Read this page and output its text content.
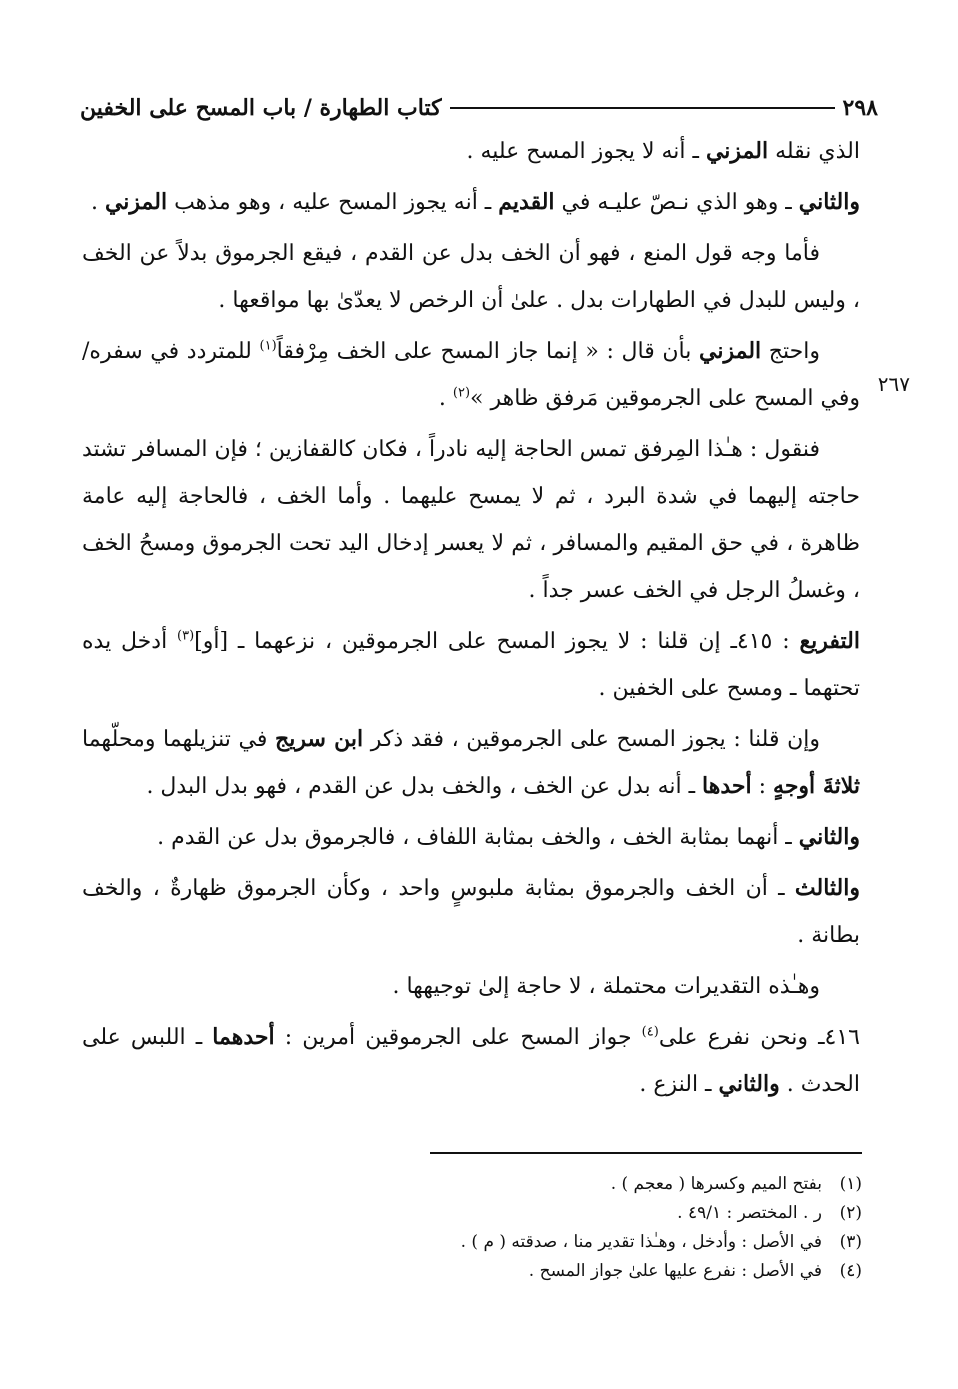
٢٩٨
كتاب الطهارة / باب المسح على الخفين
٢٦٧

الذي نقله المزني ـ أنه لا يجوز المسح عليه .

والثاني ـ وهو الذي نـصّ عليـه في القديم ـ أنه يجوز المسح عليه ، وهو مذهب المزني .

فأما وجه قول المنع ، فهو أن الخف بدل عن القدم ، فيقع الجرموق بدلاً عن الخف ، وليس للبدل في الطهارات بدل . علىٰ أن الرخص لا يعدّىٰ بها مواقعها .

واحتج المزني بأن قال : « إنما جاز المسح على الخف مِرْفقاً$^{(١)}$ للمتردد في سفره/ وفي المسح على الجرموقين مَرفق ظاهر »$^{(٢)}$ .

فنقول : هـٰذا المِرفق تمس الحاجة إليه نادراً ، فكان كالقفازين ؛ فإن المسافر تشتد حاجته إليهما في شدة البرد ، ثم لا يمسح عليهما . وأما الخف ، فالحاجة إليه عامة ظاهرة ، في حق المقيم والمسافر ، ثم لا يعسر إدخال اليد تحت الجرموق ومسحُ الخف ، وغسلُ الرجل في الخف عسر جداً .

التفريع : ٤١٥ـ إن قلنا : لا يجوز المسح على الجرموقين ، نزعهما ـ [أو]$^{(٣)}$ أدخل يده تحتهما ـ ومسح على الخفين .

وإن قلنا : يجوز المسح على الجرموقين ، فقد ذكر ابن سريج في تنزيلهما ومحلّهما ثلاثةَ أوجهٍ : أحدها ـ أنه بدل عن الخف ، والخف بدل عن القدم ، فهو بدل البدل .

والثاني ـ أنهما بمثابة الخف ، والخف بمثابة اللفاف ، فالجرموق بدل عن القدم .

والثالث ـ أن الخف والجرموق بمثابة ملبوسٍ واحد ، وكأن الجرموق ظهارةٌ ، والخف بطانة .

وهـٰذه التقديرات محتملة ، لا حاجة إلىٰ توجيهها .

٤١٦ـ ونحن نفرع على$^{(٤)}$ جواز المسح على الجرموقين أمرين : أحدهما ـ اللبس على الحدث . والثاني ـ النزع .

(١)
بفتح الميم وكسرها ( معجم ) .
(٢)
ر . المختصر : ٤٩/١ .
(٣)
في الأصل : وأدخل ، وهـٰذا تقدير منا ، صدقته ( م ) .
(٤)
في الأصل : نفرع عليها علىٰ جواز المسح .
